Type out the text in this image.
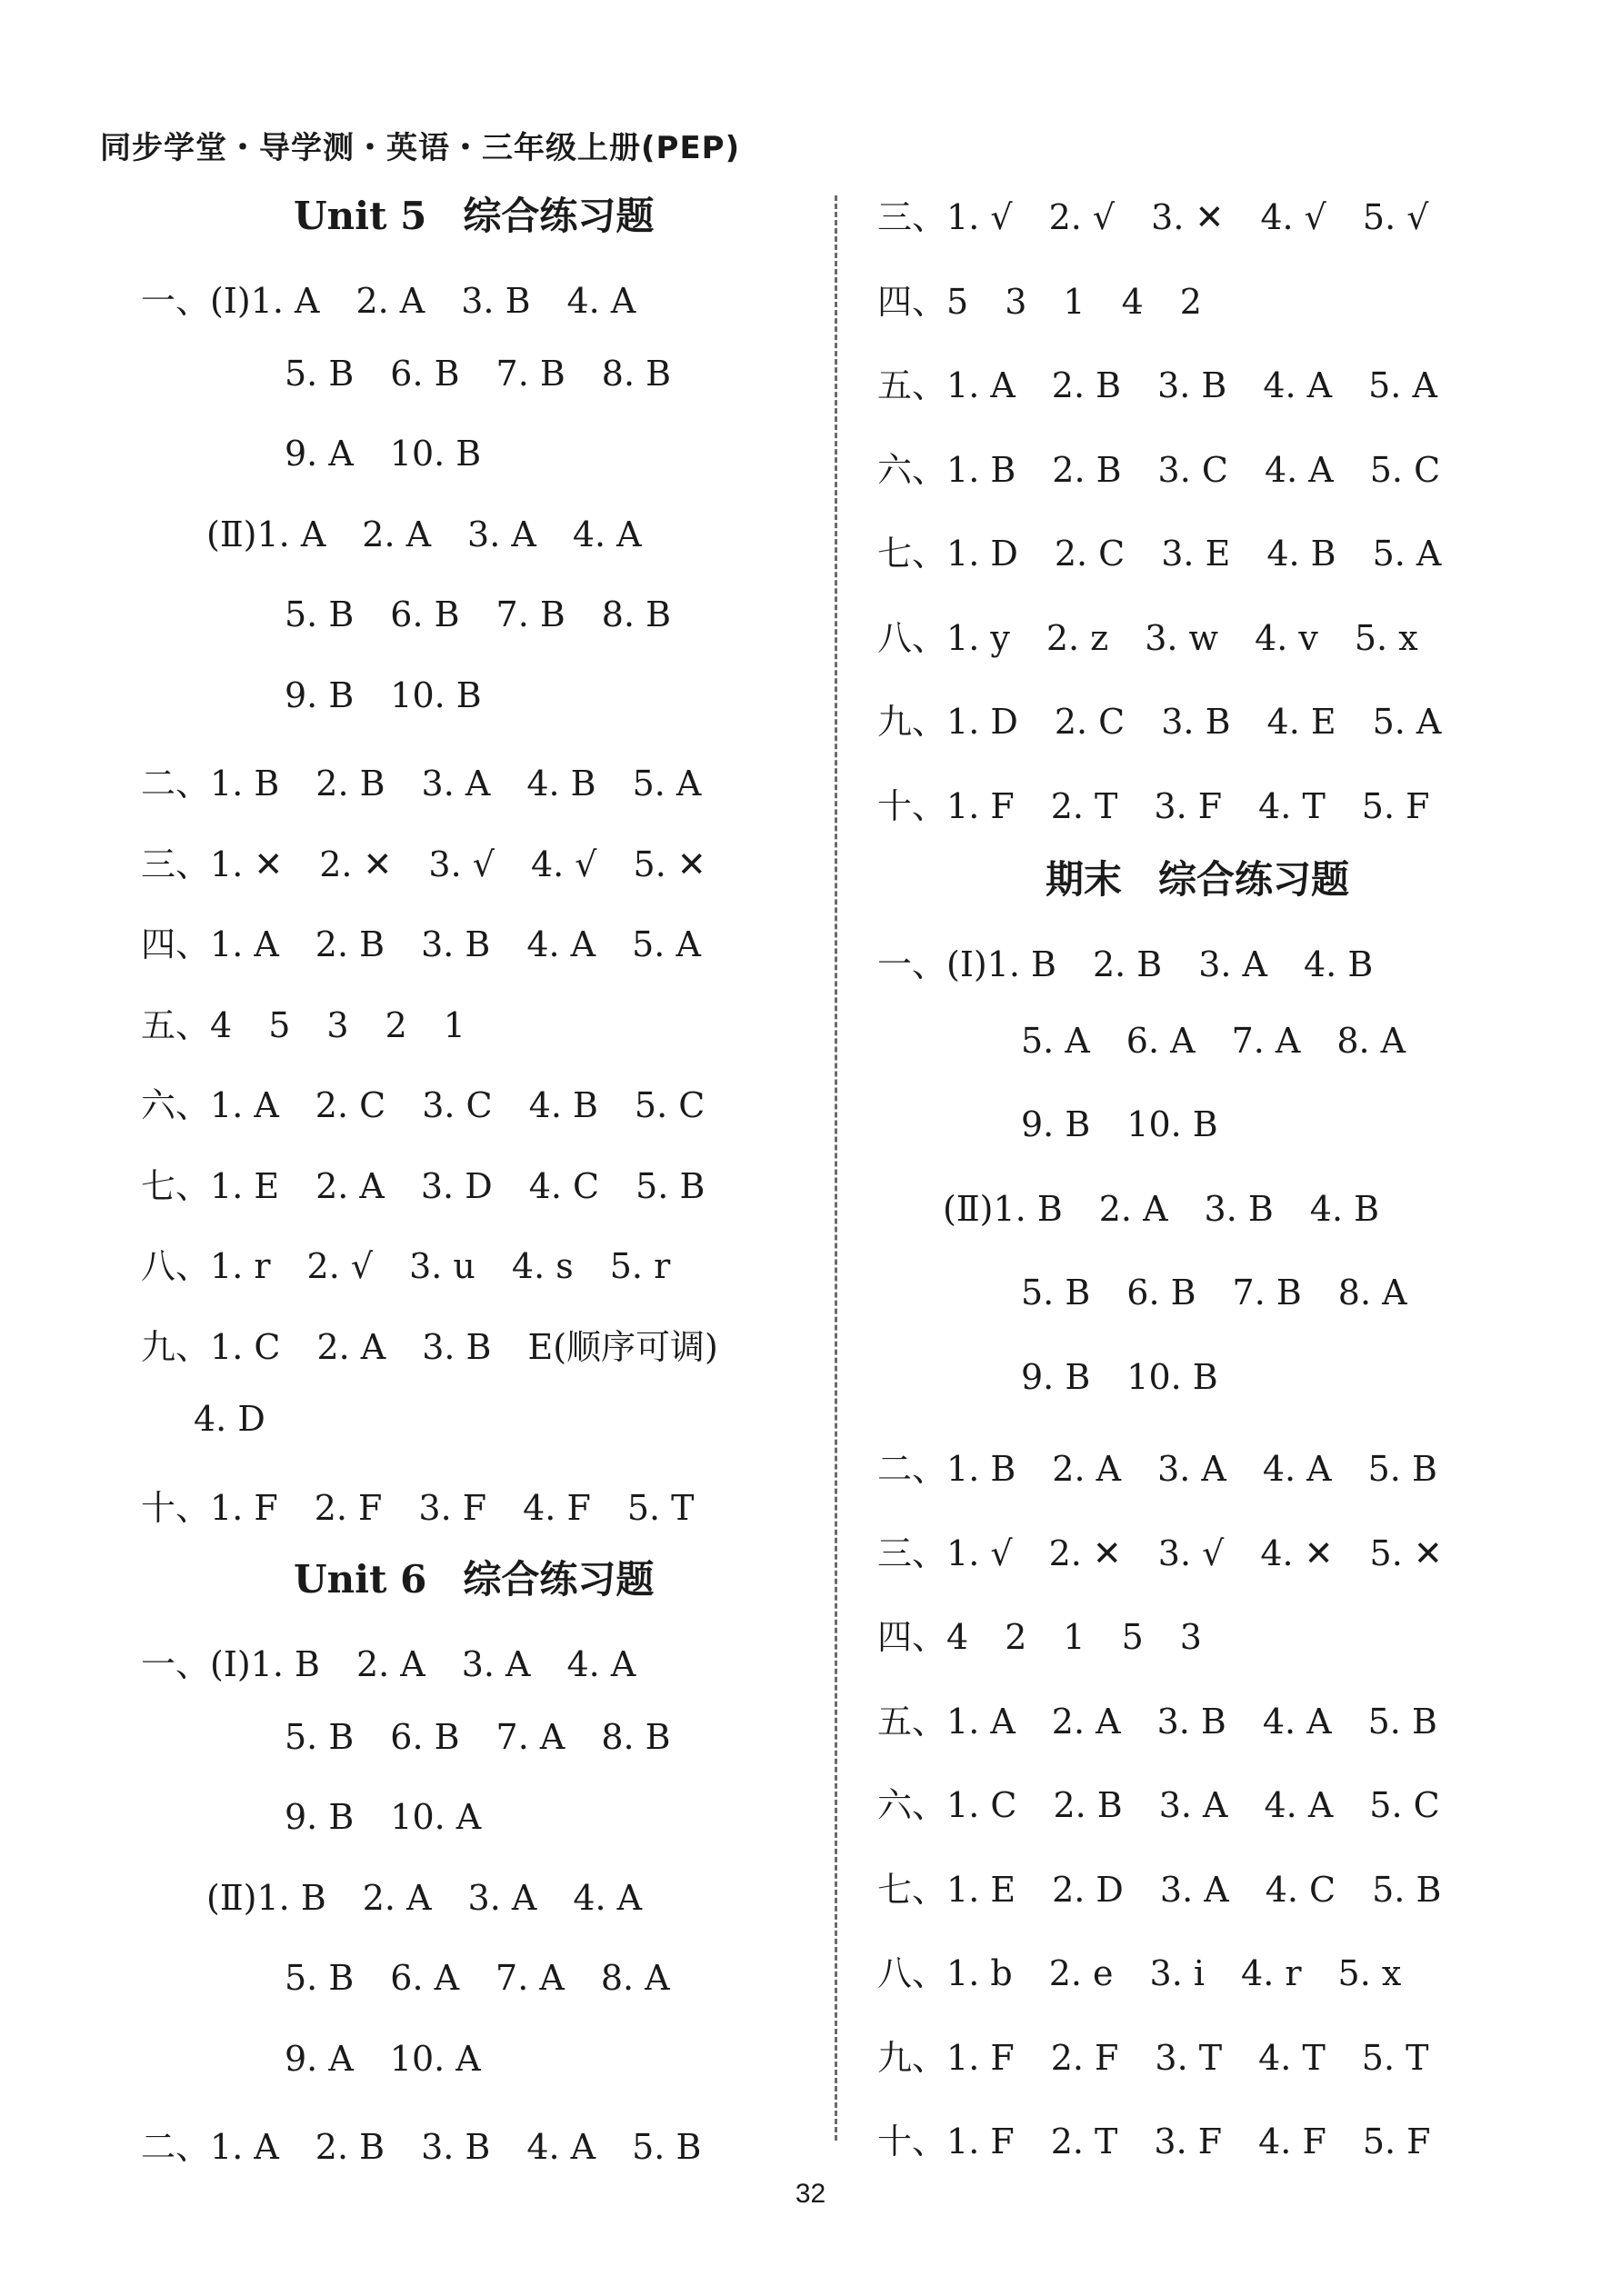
同步学堂・导学测・英语・三年级上册(PEP)
Unit 5 综合练习题
一、(Ⅰ)1. A 2. A 3. B 4. A
5. B 6. B 7. B 8. B
9. A 10. B
(Ⅱ)1. A 2. A 3. A 4. A
5. B 6. B 7. B 8. B
9. B 10. B
二、1. B 2. B 3. A 4. B 5. A
三、1. ✕ 2. ✕ 3. √ 4. √ 5. ✕
四、1. A 2. B 3. B 4. A 5. A
五、4 5 3 2 1
六、1. A 2. C 3. C 4. B 5. C
七、1. E 2. A 3. D 4. C 5. B
八、1. r 2. √ 3. u 4. s 5. r
九、1. C 2. A 3. B E(顺序可调)
4. D
十、1. F 2. F 3. F 4. F 5. T
Unit 6 综合练习题
一、(Ⅰ)1. B 2. A 3. A 4. A
5. B 6. B 7. A 8. B
9. B 10. A
(Ⅱ)1. B 2. A 3. A 4. A
5. B 6. A 7. A 8. A
9. A 10. A
二、1. A 2. B 3. B 4. A 5. B
三、1. √ 2. √ 3. ✕ 4. √ 5. √
四、5 3 1 4 2
五、1. A 2. B 3. B 4. A 5. A
六、1. B 2. B 3. C 4. A 5. C
七、1. D 2. C 3. E 4. B 5. A
八、1. y 2. z 3. w 4. v 5. x
九、1. D 2. C 3. B 4. E 5. A
十、1. F 2. T 3. F 4. T 5. F
期末 综合练习题
一、(Ⅰ)1. B 2. B 3. A 4. B
5. A 6. A 7. A 8. A
9. B 10. B
(Ⅱ)1. B 2. A 3. B 4. B
5. B 6. B 7. B 8. A
9. B 10. B
二、1. B 2. A 3. A 4. A 5. B
三、1. √ 2. ✕ 3. √ 4. ✕ 5. ✕
四、4 2 1 5 3
五、1. A 2. A 3. B 4. A 5. B
六、1. C 2. B 3. A 4. A 5. C
七、1. E 2. D 3. A 4. C 5. B
八、1. b 2. e 3. i 4. r 5. x
九、1. F 2. F 3. T 4. T 5. T
十、1. F 2. T 3. F 4. F 5. F
32
